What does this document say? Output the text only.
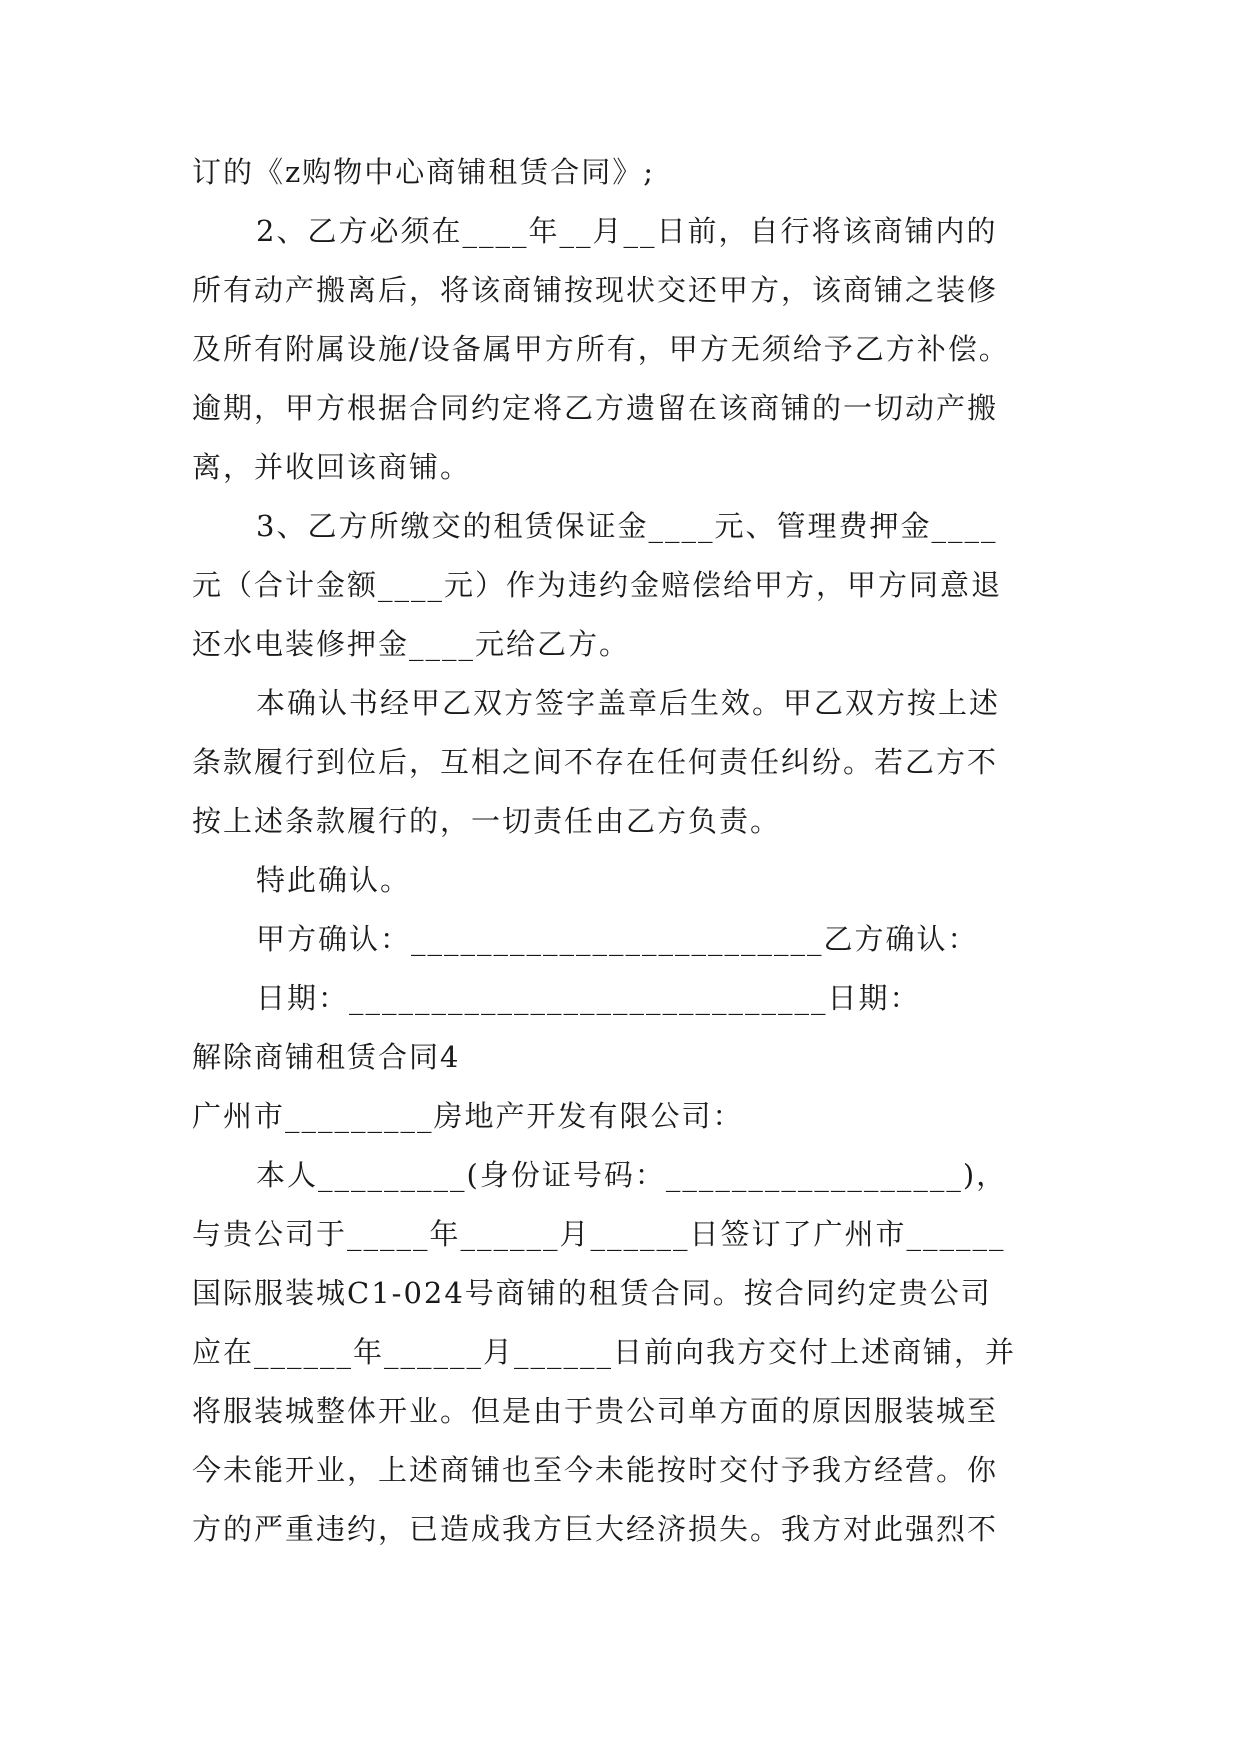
订的《z购物中心商铺租赁合同》;
2、乙方必须在____年__月__日前，自行将该商铺内的
所有动产搬离后，将该商铺按现状交还甲方，该商铺之装修
及所有附属设施/设备属甲方所有，甲方无须给予乙方补偿。
逾期，甲方根据合同约定将乙方遗留在该商铺的一切动产搬
离，并收回该商铺。
3、乙方所缴交的租赁保证金____元、管理费押金____
元（合计金额____元）作为违约金赔偿给甲方，甲方同意退
还水电装修押金____元给乙方。
本确认书经甲乙双方签字盖章后生效。甲乙双方按上述
条款履行到位后，互相之间不存在任何责任纠纷。若乙方不
按上述条款履行的，一切责任由乙方负责。
特此确认。
甲方确认：_________________________乙方确认：
日期：_____________________________日期：
解除商铺租赁合同4
广州市_________房地产开发有限公司：
本人_________(身份证号码：__________________)，
与贵公司于_____年______月______日签订了广州市______
国际服装城C1-024号商铺的租赁合同。按合同约定贵公司
应在______年______月______日前向我方交付上述商铺，并
将服装城整体开业。但是由于贵公司单方面的原因服装城至
今未能开业，上述商铺也至今未能按时交付予我方经营。你
方的严重违约，已造成我方巨大经济损失。我方对此强烈不
